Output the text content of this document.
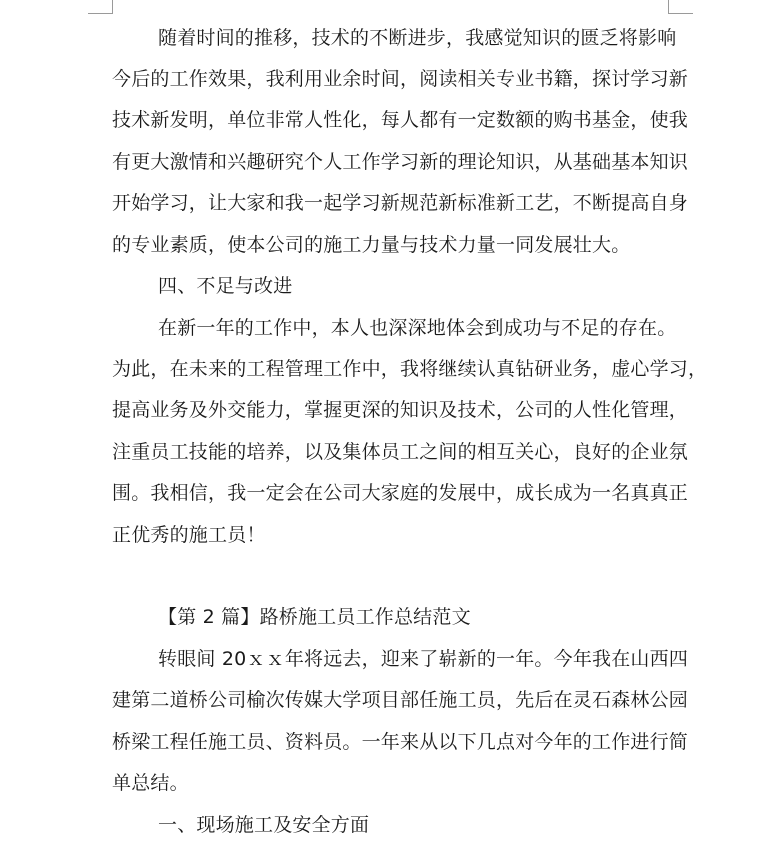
随着时间的推移，技术的不断进步，我感觉知识的匮乏将影响
今后的工作效果，我利用业余时间，阅读相关专业书籍，探讨学习新
技术新发明，单位非常人性化，每人都有一定数额的购书基金，使我
有更大激情和兴趣研究个人工作学习新的理论知识，从基础基本知识
开始学习，让大家和我一起学习新规范新标准新工艺，不断提高自身
的专业素质，使本公司的施工力量与技术力量一同发展壮大。
四、不足与改进
在新一年的工作中，本人也深深地体会到成功与不足的存在。
为此，在未来的工程管理工作中，我将继续认真钻研业务，虚心学习，
提高业务及外交能力，掌握更深的知识及技术，公司的人性化管理，
注重员工技能的培养，以及集体员工之间的相互关心，良好的企业氛
围。我相信，我一定会在公司大家庭的发展中，成长成为一名真真正
正优秀的施工员！
【第 2 篇】路桥施工员工作总结范文
转眼间 20ｘｘ年将远去，迎来了崭新的一年。今年我在山西四
建第二道桥公司榆次传媒大学项目部任施工员，先后在灵石森林公园
桥梁工程任施工员、资料员。一年来从以下几点对今年的工作进行简
单总结。
一、现场施工及安全方面
